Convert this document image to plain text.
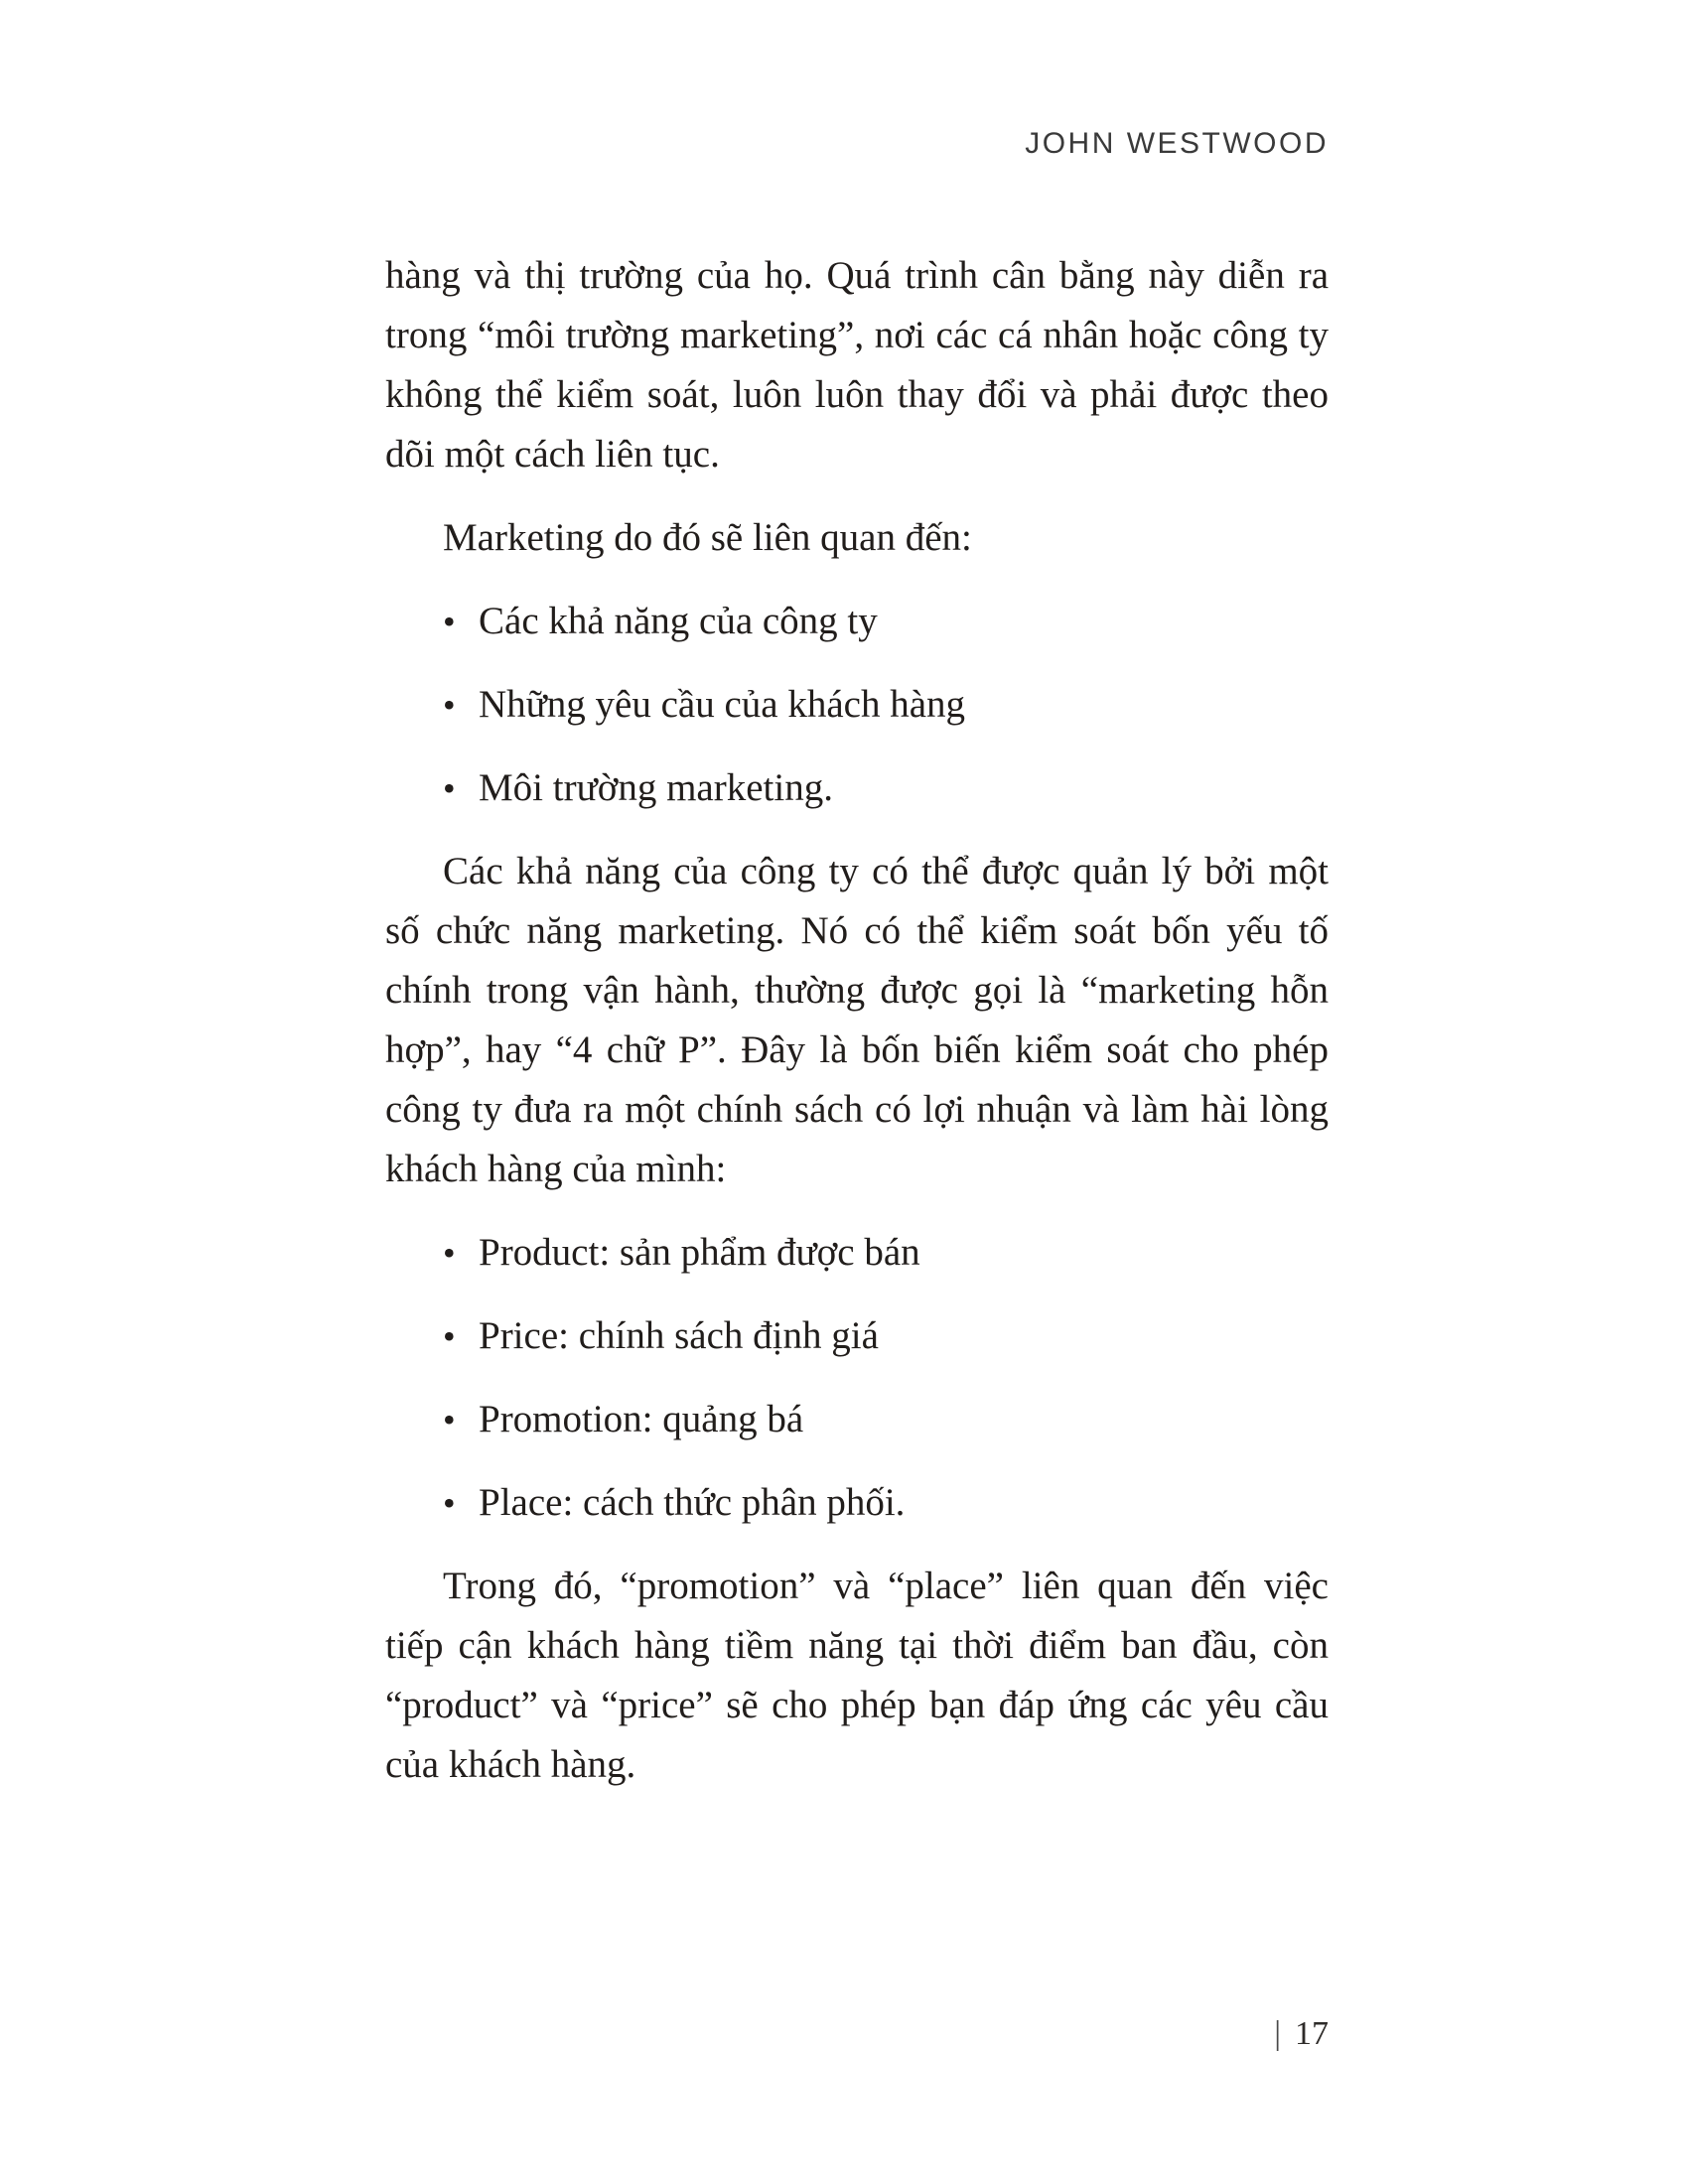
JOHN WESTWOOD

hàng và thị trường của họ. Quá trình cân bằng này diễn ra trong “môi trường marketing”, nơi các cá nhân hoặc công ty không thể kiểm soát, luôn luôn thay đổi và phải được theo dõi một cách liên tục.

Marketing do đó sẽ liên quan đến:

• Các khả năng của công ty
• Những yêu cầu của khách hàng
• Môi trường marketing.

Các khả năng của công ty có thể được quản lý bởi một số chức năng marketing. Nó có thể kiểm soát bốn yếu tố chính trong vận hành, thường được gọi là “marketing hỗn hợp”, hay “4 chữ P”. Đây là bốn biến kiểm soát cho phép công ty đưa ra một chính sách có lợi nhuận và làm hài lòng khách hàng của mình:

• Product: sản phẩm được bán
• Price: chính sách định giá
• Promotion: quảng bá
• Place: cách thức phân phối.

Trong đó, “promotion” và “place” liên quan đến việc tiếp cận khách hàng tiềm năng tại thời điểm ban đầu, còn “product” và “price” sẽ cho phép bạn đáp ứng các yêu cầu của khách hàng.

| 17
